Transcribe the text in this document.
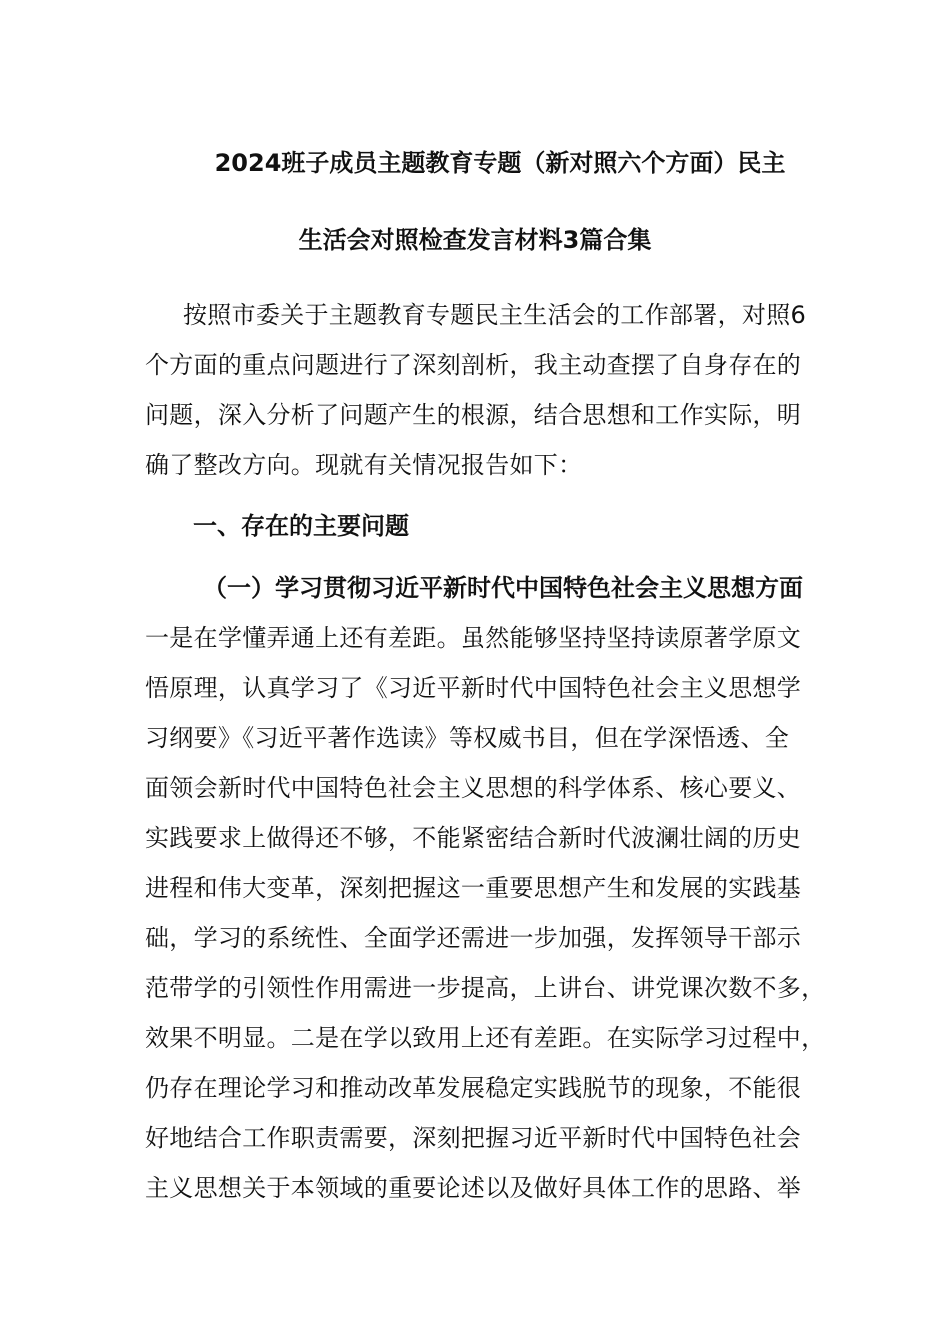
2024班子成员主题教育专题（新对照六个方面）民主
生活会对照检查发言材料3篇合集
按照市委关于主题教育专题民主生活会的工作部署，对照6
个方面的重点问题进行了深刻剖析，我主动查摆了自身存在的
问题，深入分析了问题产生的根源，结合思想和工作实际，明
确了整改方向。现就有关情况报告如下：
一、存在的主要问题
（一）学习贯彻习近平新时代中国特色社会主义思想方面
一是在学懂弄通上还有差距。虽然能够坚持坚持读原著学原文
悟原理，认真学习了《习近平新时代中国特色社会主义思想学
习纲要》《习近平著作选读》等权威书目，但在学深悟透、全
面领会新时代中国特色社会主义思想的科学体系、核心要义、
实践要求上做得还不够，不能紧密结合新时代波澜壮阔的历史
进程和伟大变革，深刻把握这一重要思想产生和发展的实践基
础，学习的系统性、全面学还需进一步加强，发挥领导干部示
范带学的引领性作用需进一步提高，上讲台、讲党课次数不多，
效果不明显。二是在学以致用上还有差距。在实际学习过程中，
仍存在理论学习和推动改革发展稳定实践脱节的现象，不能很
好地结合工作职责需要，深刻把握习近平新时代中国特色社会
主义思想关于本领域的重要论述以及做好具体工作的思路、举
